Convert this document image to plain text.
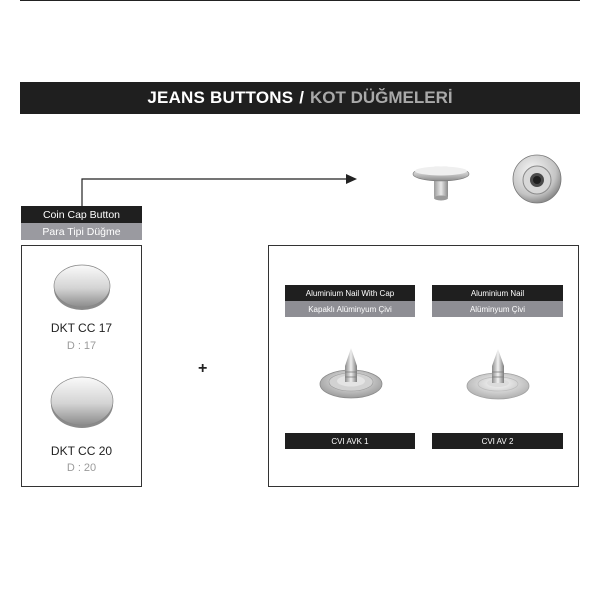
JEANS BUTTONS / KOT DÜĞMELERİ
Coin Cap Button
Para Tipi Düğme
DKT CC 17
D : 17
DKT CC 20
D : 20
+
Aluminium Nail With Cap
Kapaklı Alüminyum Çivi
Aluminium Nail
Alüminyum Çivi
CVI AVK 1	CVI AV 2
